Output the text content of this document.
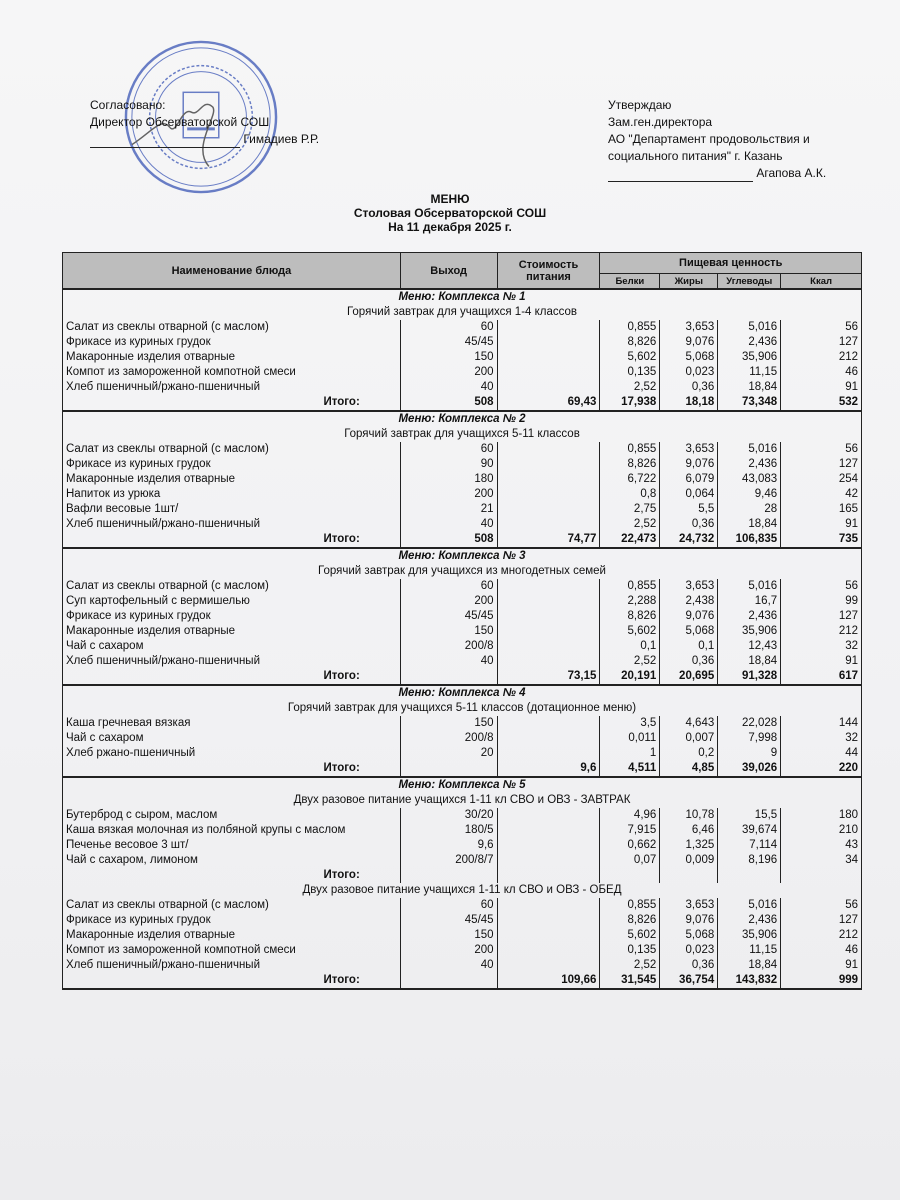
Согласовано:
Директор Обсерваторской СОШ
Гимадиев Р.Р.
Утверждаю
Зам.ген.директора
АО "Департамент продовольствия и
социального питания" г. Казань
Агапова А.К.
МЕНЮ
Столовая Обсерваторской СОШ
На 11 декабря 2025 г.
Наименование блюда	Выход	Стоимость питания	Пищевая ценность			
			Белки	Жиры	Углеводы	Ккал
Меню: Комплекса № 1						
Горячий завтрак для учащихся 1-4 классов						
Салат из свеклы отварной (с маслом)	60		0,855	3,653	5,016	56
Фрикасе из куриных грудок	45/45		8,826	9,076	2,436	127
Макаронные изделия отварные	150		5,602	5,068	35,906	212
Компот из замороженной компотной смеси	200		0,135	0,023	11,15	46
Хлеб пшеничный/ржано-пшеничный	40		2,52	0,36	18,84	91
Итого:	508	69,43	17,938	18,18	73,348	532
Меню: Комплекса № 2						
Горячий завтрак для учащихся 5-11 классов						
Салат из свеклы отварной (с маслом)	60		0,855	3,653	5,016	56
Фрикасе из куриных грудок	90		8,826	9,076	2,436	127
Макаронные изделия отварные	180		6,722	6,079	43,083	254
Напиток из урюка	200		0,8	0,064	9,46	42
Вафли весовые 1шт/	21		2,75	5,5	28	165
Хлеб пшеничный/ржано-пшеничный	40		2,52	0,36	18,84	91
Итого:	508	74,77	22,473	24,732	106,835	735
Меню: Комплекса № 3						
Горячий завтрак для учащихся из многодетных семей						
Салат из свеклы отварной (с маслом)	60		0,855	3,653	5,016	56
Суп картофельный с вермишелью	200		2,288	2,438	16,7	99
Фрикасе из куриных грудок	45/45		8,826	9,076	2,436	127
Макаронные изделия отварные	150		5,602	5,068	35,906	212
Чай с сахаром	200/8		0,1	0,1	12,43	32
Хлеб пшеничный/ржано-пшеничный	40		2,52	0,36	18,84	91
Итого:		73,15	20,191	20,695	91,328	617
Меню: Комплекса № 4						
Горячий завтрак для учащихся 5-11 классов (дотационное меню)						
Каша гречневая вязкая	150		3,5	4,643	22,028	144
Чай с сахаром	200/8		0,011	0,007	7,998	32
Хлеб ржано-пшеничный	20		1	0,2	9	44
Итого:		9,6	4,511	4,85	39,026	220
Меню: Комплекса № 5						
Двух разовое питание учащихся 1-11 кл СВО и ОВЗ - ЗАВТРАК						
Бутерброд с сыром, маслом	30/20		4,96	10,78	15,5	180
Каша вязкая молочная из полбяной крупы с маслом	180/5		7,915	6,46	39,674	210
Печенье весовое 3 шт/	9,6		0,662	1,325	7,114	43
Чай с сахаром, лимоном	200/8/7		0,07	0,009	8,196	34
Итого:						
Двух разовое питание учащихся 1-11 кл СВО и ОВЗ - ОБЕД						
Салат из свеклы отварной (с маслом)	60		0,855	3,653	5,016	56
Фрикасе из куриных грудок	45/45		8,826	9,076	2,436	127
Макаронные изделия отварные	150		5,602	5,068	35,906	212
Компот из замороженной компотной смеси	200		0,135	0,023	11,15	46
Хлеб пшеничный/ржано-пшеничный	40		2,52	0,36	18,84	91
Итого:		109,66	31,545	36,754	143,832	999
